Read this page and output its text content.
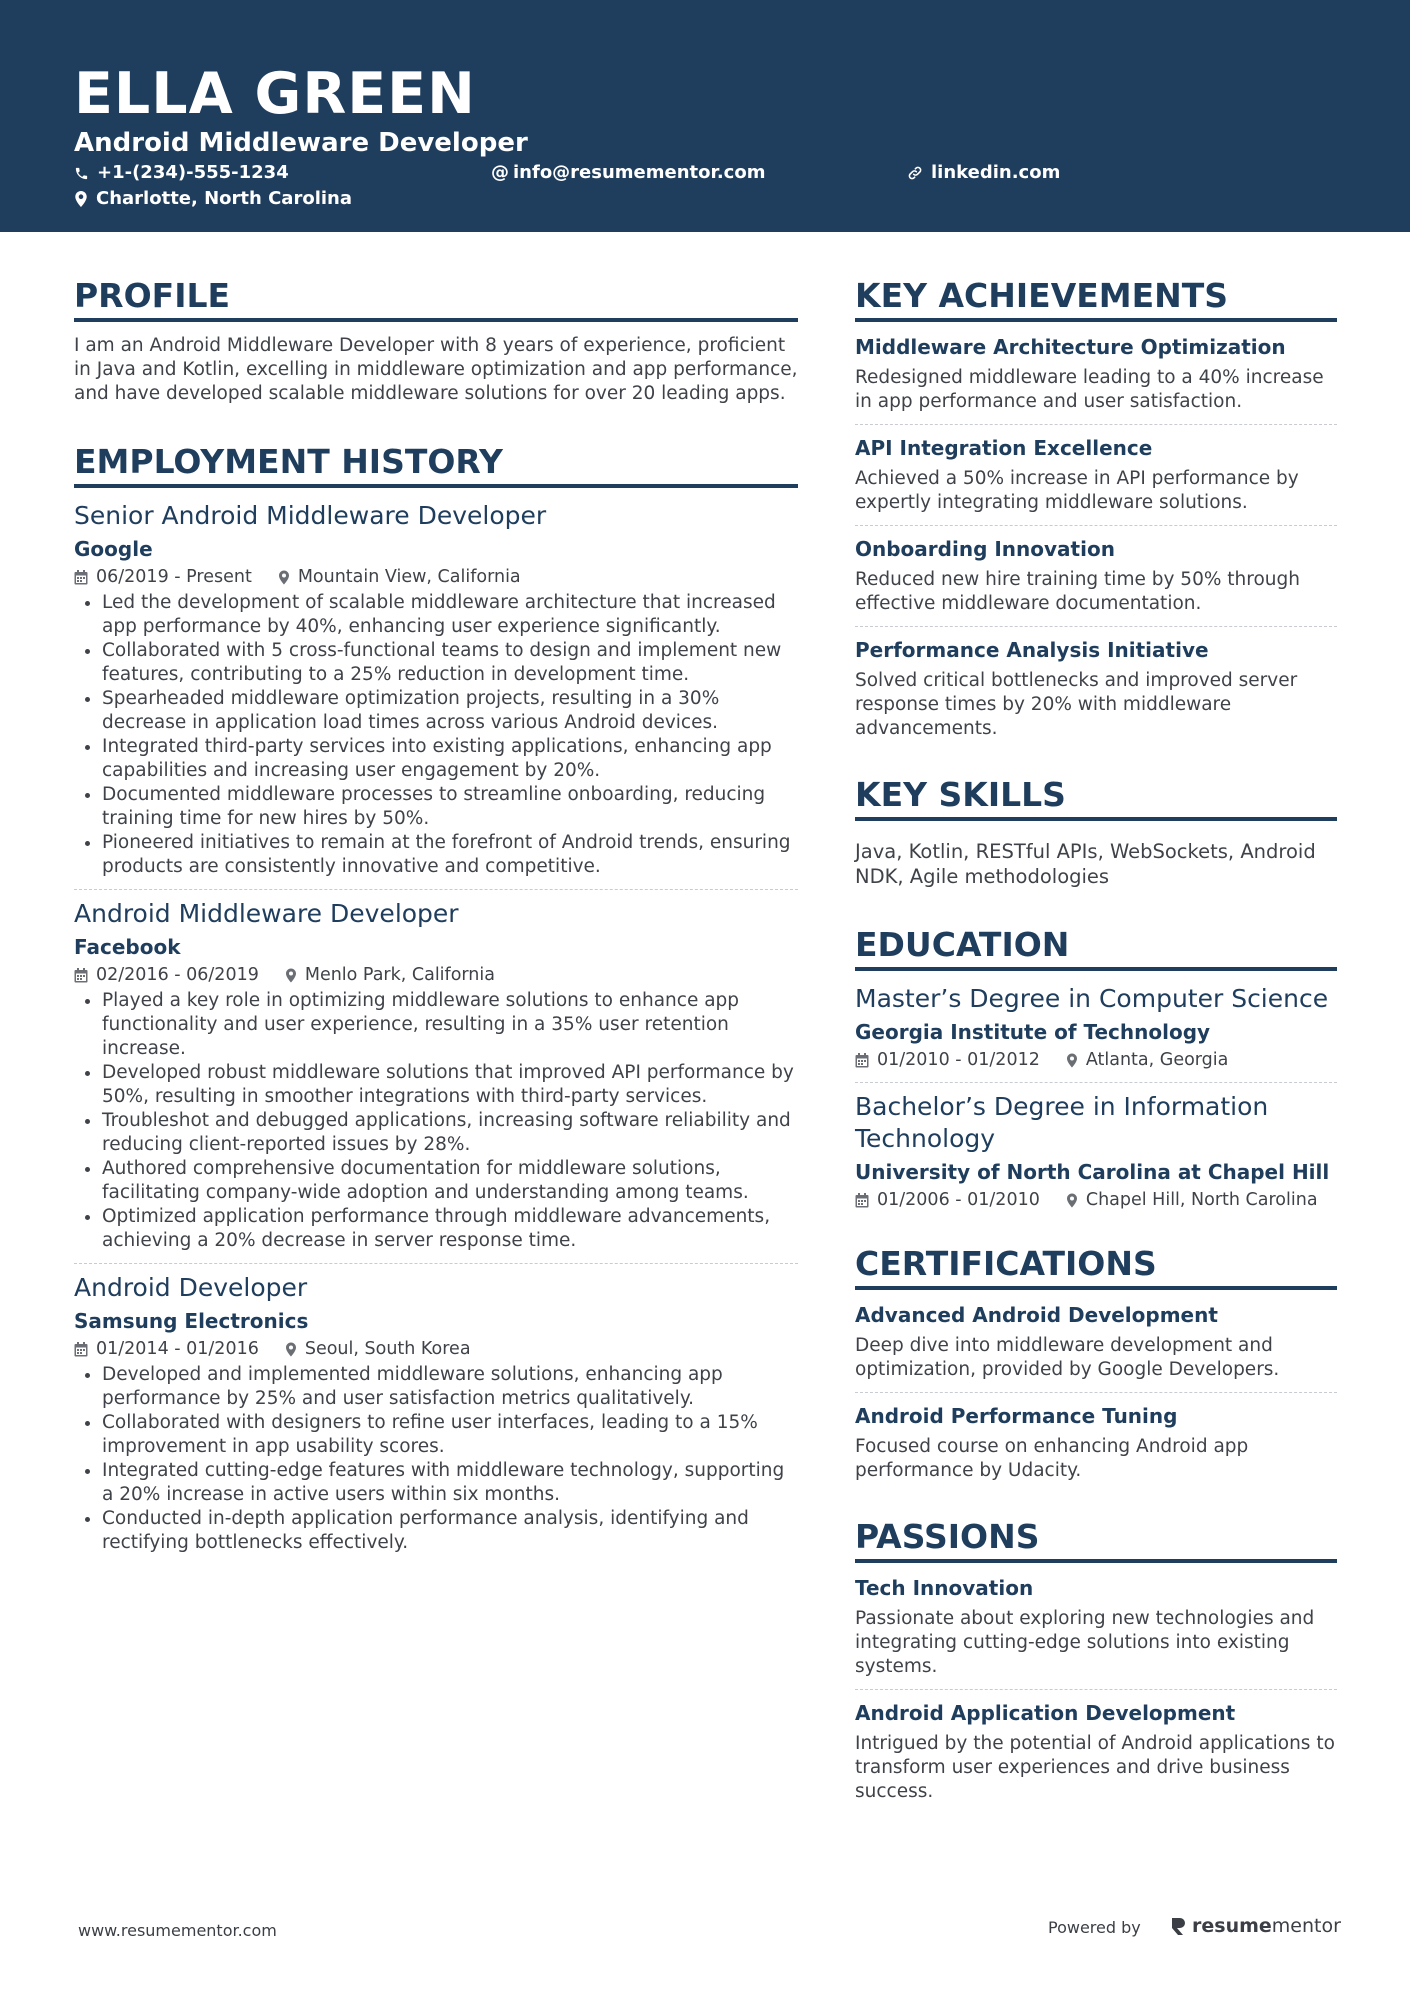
ELLA GREEN
Android Middleware Developer
+1-(234)-555-1234	@ info@resumementor.com	linkedin.com
Charlotte, North Carolina
PROFILE

I am an Android Middleware Developer with 8 years of experience, proficient in Java and Kotlin, excelling in middleware optimization and app performance, and have developed scalable middleware solutions for over 20 leading apps.

EMPLOYMENT HISTORY
Senior Android Middleware Developer
Google
06/2019 - Present	Mountain View, California
• Led the development of scalable middleware architecture that increased app performance by 40%, enhancing user experience significantly.
• Collaborated with 5 cross-functional teams to design and implement new features, contributing to a 25% reduction in development time.
• Spearheaded middleware optimization projects, resulting in a 30% decrease in application load times across various Android devices.
• Integrated third-party services into existing applications, enhancing app capabilities and increasing user engagement by 20%.
• Documented middleware processes to streamline onboarding, reducing training time for new hires by 50%.
• Pioneered initiatives to remain at the forefront of Android trends, ensuring products are consistently innovative and competitive.
Android Middleware Developer
Facebook
02/2016 - 06/2019	Menlo Park, California
• Played a key role in optimizing middleware solutions to enhance app functionality and user experience, resulting in a 35% user retention increase.
• Developed robust middleware solutions that improved API performance by 50%, resulting in smoother integrations with third-party services.
• Troubleshot and debugged applications, increasing software reliability and reducing client-reported issues by 28%.
• Authored comprehensive documentation for middleware solutions, facilitating company-wide adoption and understanding among teams.
• Optimized application performance through middleware advancements, achieving a 20% decrease in server response time.
Android Developer
Samsung Electronics
01/2014 - 01/2016	Seoul, South Korea
• Developed and implemented middleware solutions, enhancing app performance by 25% and user satisfaction metrics qualitatively.
• Collaborated with designers to refine user interfaces, leading to a 15% improvement in app usability scores.
• Integrated cutting-edge features with middleware technology, supporting a 20% increase in active users within six months.
• Conducted in-depth application performance analysis, identifying and rectifying bottlenecks effectively.
KEY ACHIEVEMENTS
Middleware Architecture Optimization
Redesigned middleware leading to a 40% increase in app performance and user satisfaction.
API Integration Excellence
Achieved a 50% increase in API performance by expertly integrating middleware solutions.
Onboarding Innovation
Reduced new hire training time by 50% through effective middleware documentation.
Performance Analysis Initiative
Solved critical bottlenecks and improved server response times by 20% with middleware advancements.
KEY SKILLS

Java, Kotlin, RESTful APIs, WebSockets, Android NDK, Agile methodologies

EDUCATION
Master’s Degree in Computer Science
Georgia Institute of Technology
01/2010 - 01/2012	Atlanta, Georgia
Bachelor’s Degree in Information Technology
University of North Carolina at Chapel Hill
01/2006 - 01/2010	Chapel Hill, North Carolina
CERTIFICATIONS
Advanced Android Development
Deep dive into middleware development and optimization, provided by Google Developers.
Android Performance Tuning
Focused course on enhancing Android app performance by Udacity.
PASSIONS
Tech Innovation
Passionate about exploring new technologies and integrating cutting-edge solutions into existing systems.
Android Application Development
Intrigued by the potential of Android applications to transform user experiences and drive business success.
www.resumementor.com	Powered by	resume mentor
